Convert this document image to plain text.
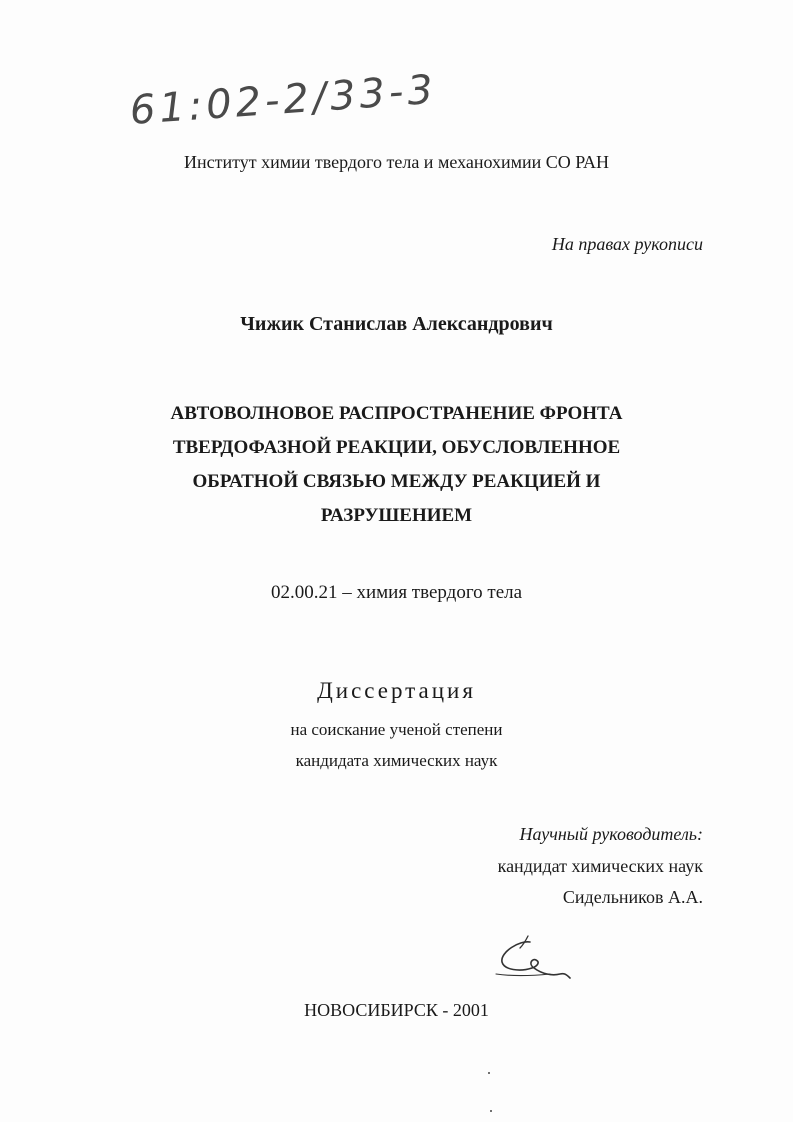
61:02-2/33-3
Институт химии твердого тела и механохимии СО РАН
На правах рукописи
Чижик Станислав Александрович
АВТОВОЛНОВОЕ РАСПРОСТРАНЕНИЕ ФРОНТА
ТВЕРДОФАЗНОЙ РЕАКЦИИ, ОБУСЛОВЛЕННОЕ
ОБРАТНОЙ СВЯЗЬЮ МЕЖДУ РЕАКЦИЕЙ И
РАЗРУШЕНИЕМ
02.00.21 – химия твердого тела
Диссертация
на соискание ученой степени
кандидата химических наук
Научный руководитель:
кандидат химических наук
Сидельников А.А.
НОВОСИБИРСК - 2001
